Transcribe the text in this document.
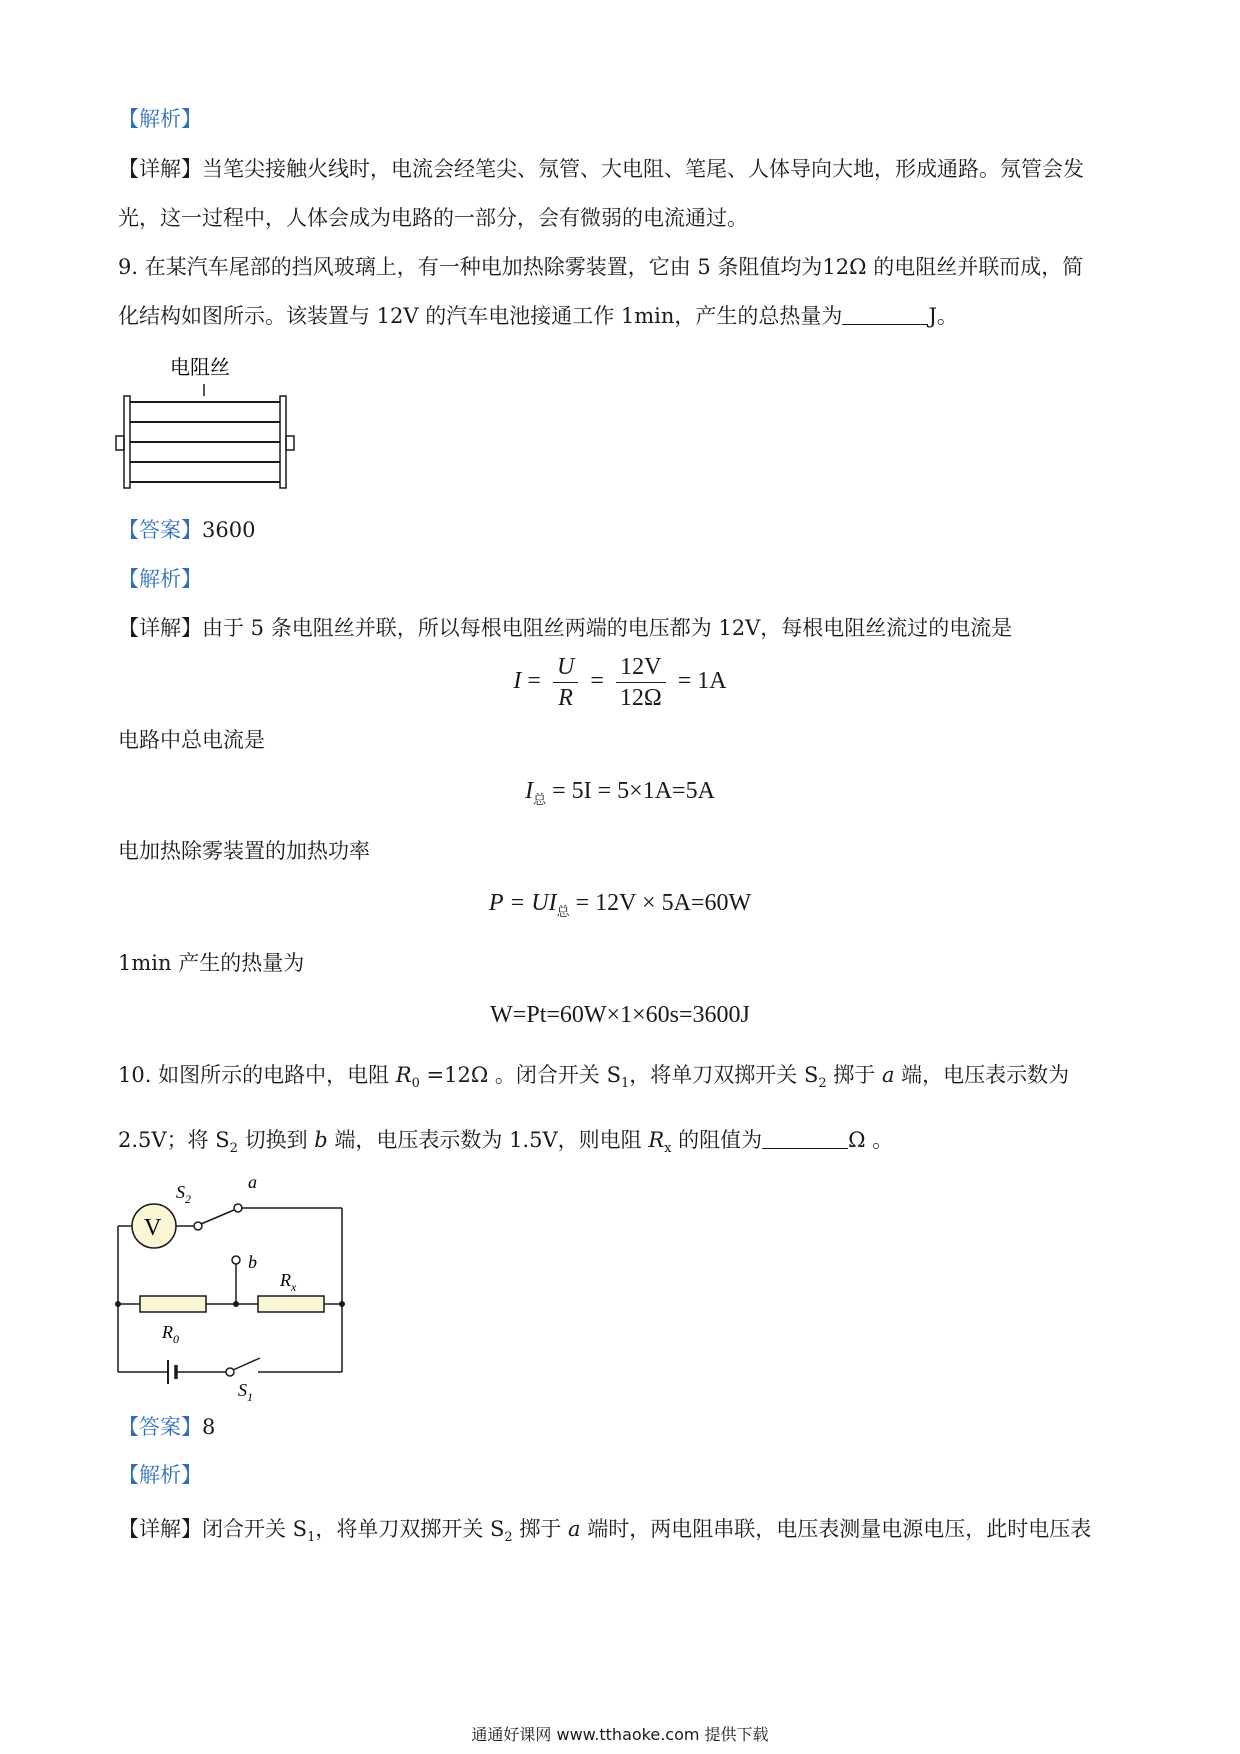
【解析】
【详解】当笔尖接触火线时，电流会经笔尖、氖管、大电阻、笔尾、人体导向大地，形成通路。氖管会发
光，这一过程中，人体会成为电路的一部分，会有微弱的电流通过。
9. 在某汽车尾部的挡风玻璃上，有一种电加热除雾装置，它由 5 条阻值均为12Ω 的电阻丝并联而成，简
化结构如图所示。该装置与 12V 的汽车电池接通工作 1min，产生的总热量为	J。
电阻丝
【答案】3600
【解析】
【详解】由于 5 条电阻丝并联，所以每根电阻丝两端的电压都为 12V，每根电阻丝流过的电流是
$I = \frac{U}{R} = \frac{12V}{12\Omega} = 1A$
电路中总电流是
$I_总 = 5I = 5\times 1A=5A$
电加热除雾装置的加热功率
$P = UI_总 = 12V \times 5A=60W$
1min 产生的热量为
W=Pt=60W×1×60s=3600J
10. 如图所示的电路中，电阻 $R_0 =12\Omega$ 。闭合开关 $S_1$，将单刀双掷开关 $S_2$ 掷于 a 端，电压表示数为
2.5V；将 $S_2$ 切换到 b 端，电压表示数为 1.5V，则电阻 $R_x$ 的阻值为	Ω 。
V
$S_2$
a
b
$R_x$
$R_0$
$S_1$
【答案】8
【解析】
【详解】闭合开关 $S_1$，将单刀双掷开关 $S_2$ 掷于 a 端时，两电阻串联，电压表测量电源电压，此时电压表
通通好课网 www.tthaoke.com 提供下载
